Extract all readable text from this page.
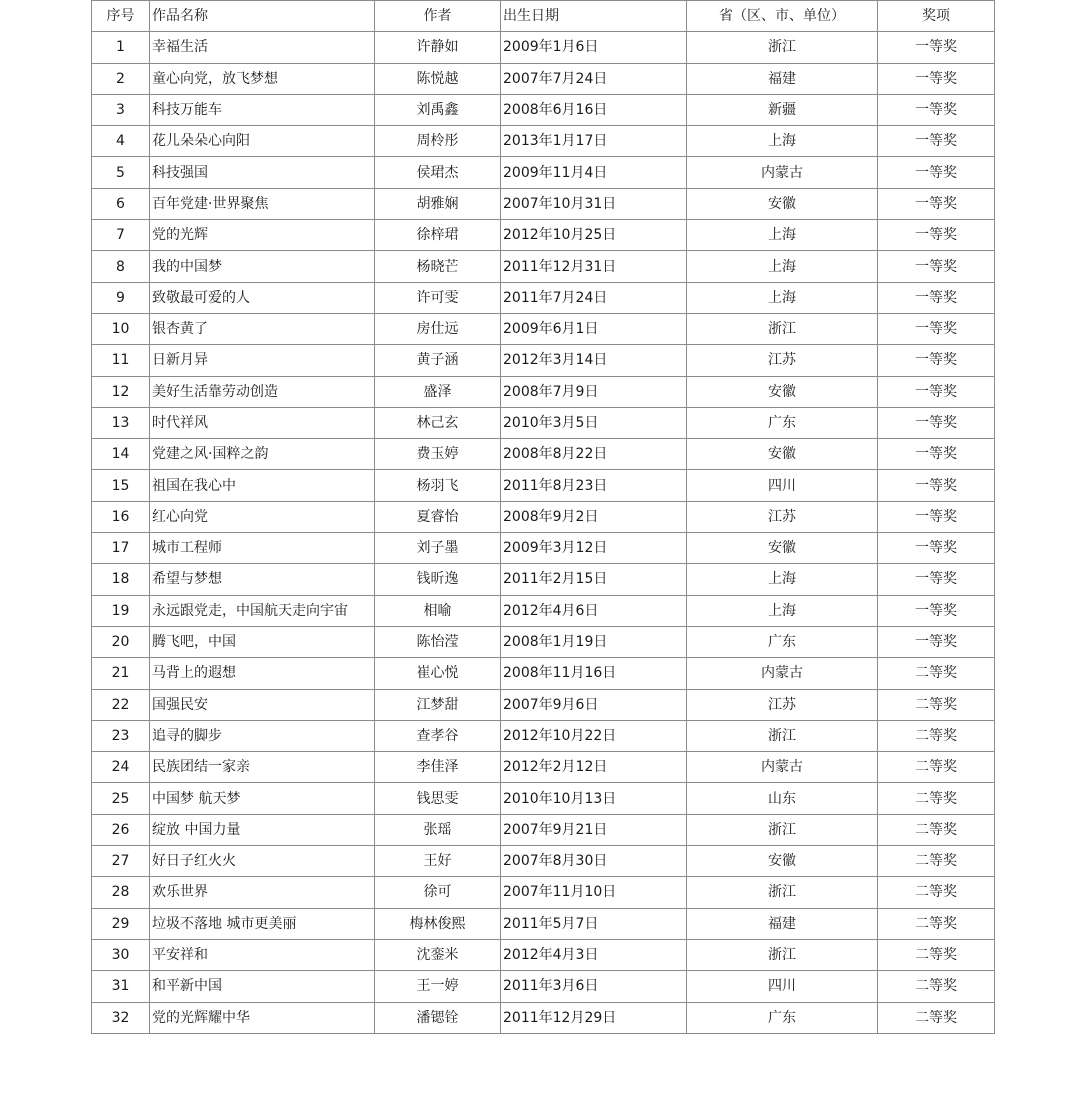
序号	作品名称	作者	出生日期	省（区、市、单位）	奖项
1	幸福生活	许静如	2009年1月6日	浙江	一等奖
2	童心向党，放飞梦想	陈悦越	2007年7月24日	福建	一等奖
3	科技万能车	刘禹鑫	2008年6月16日	新疆	一等奖
4	花儿朵朵心向阳	周柃彤	2013年1月17日	上海	一等奖
5	科技强国	侯珺杰	2009年11月4日	内蒙古	一等奖
6	百年党建·世界聚焦	胡雅娴	2007年10月31日	安徽	一等奖
7	党的光辉	徐梓珺	2012年10月25日	上海	一等奖
8	我的中国梦	杨晓芒	2011年12月31日	上海	一等奖
9	致敬最可爱的人	许可雯	2011年7月24日	上海	一等奖
10	银杏黄了	房仕远	2009年6月1日	浙江	一等奖
11	日新月异	黄子涵	2012年3月14日	江苏	一等奖
12	美好生活靠劳动创造	盛泽	2008年7月9日	安徽	一等奖
13	时代祥风	林己玄	2010年3月5日	广东	一等奖
14	党建之风·国粹之韵	费玉婷	2008年8月22日	安徽	一等奖
15	祖国在我心中	杨羽飞	2011年8月23日	四川	一等奖
16	红心向党	夏睿怡	2008年9月2日	江苏	一等奖
17	城市工程师	刘子墨	2009年3月12日	安徽	一等奖
18	希望与梦想	钱昕逸	2011年2月15日	上海	一等奖
19	永远跟党走，中国航天走向宇宙	相喻	2012年4月6日	上海	一等奖
20	腾飞吧，中国	陈怡滢	2008年1月19日	广东	一等奖
21	马背上的遐想	崔心悦	2008年11月16日	内蒙古	二等奖
22	国强民安	江梦甜	2007年9月6日	江苏	二等奖
23	追寻的脚步	查孝谷	2012年10月22日	浙江	二等奖
24	民族团结一家亲	李佳泽	2012年2月12日	内蒙古	二等奖
25	中国梦 航天梦	钱思雯	2010年10月13日	山东	二等奖
26	绽放 中国力量	张瑶	2007年9月21日	浙江	二等奖
27	好日子红火火	王好	2007年8月30日	安徽	二等奖
28	欢乐世界	徐可	2007年11月10日	浙江	二等奖
29	垃圾不落地 城市更美丽	梅林俊熙	2011年5月7日	福建	二等奖
30	平安祥和	沈銮米	2012年4月3日	浙江	二等奖
31	和平新中国	王一婷	2011年3月6日	四川	二等奖
32	党的光辉耀中华	潘锶铨	2011年12月29日	广东	二等奖
